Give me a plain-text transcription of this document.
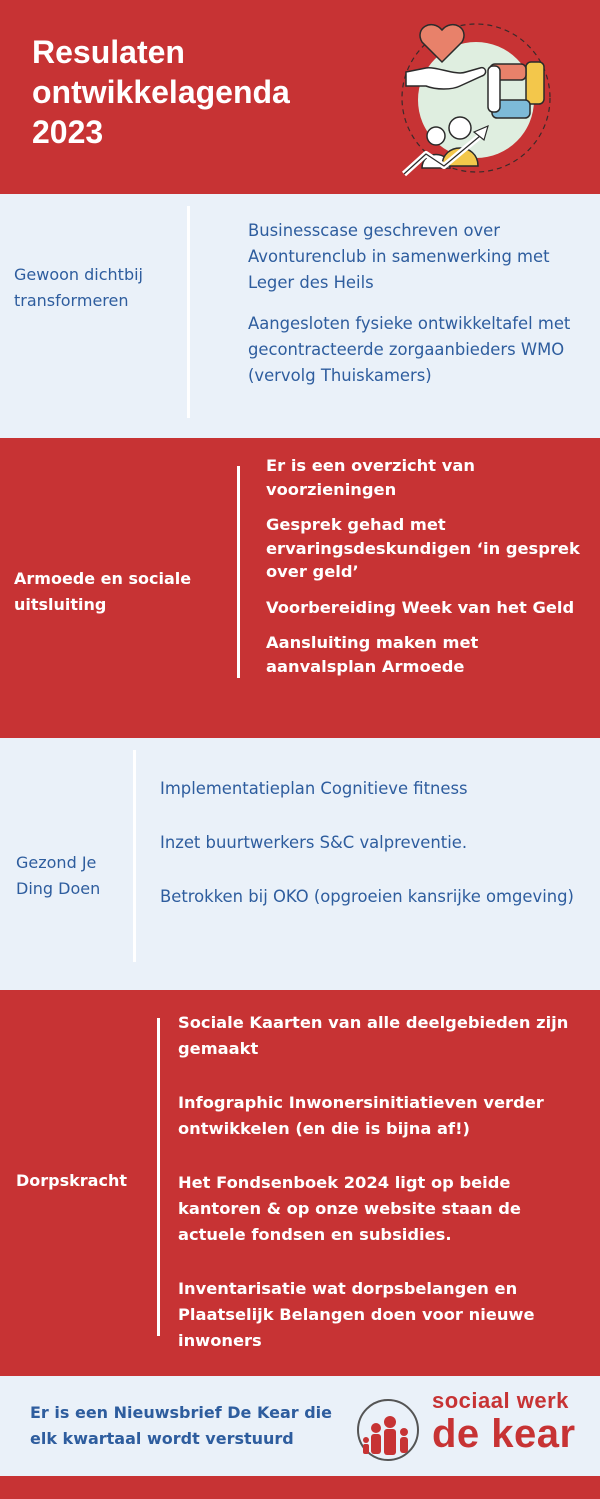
Resulaten
ontwikkelagenda
2023
Gewoon dichtbij transformeren
Businesscase geschreven over Avonturenclub in samenwerking met Leger des Heils
Aangesloten fysieke ontwikkeltafel met gecontracteerde zorgaanbieders WMO (vervolg Thuiskamers)
Armoede en sociale uitsluiting
Er is een overzicht van voorzieningen
Gesprek gehad met ervaringsdeskundigen ‘in gesprek over geld’
Voorbereiding Week van het Geld
Aansluiting maken met aanvalsplan Armoede
Gezond Je Ding Doen
Implementatieplan Cognitieve fitness
Inzet buurtwerkers S&C valpreventie.
Betrokken bij OKO (opgroeien kansrijke omgeving)
Dorpskracht
Sociale Kaarten van alle deelgebieden zijn gemaakt
Infographic Inwonersinitiatieven verder ontwikkelen (en die is bijna af!)
Het Fondsenboek 2024 ligt op beide kantoren & op onze website staan de actuele fondsen en subsidies.
Inventarisatie wat dorpsbelangen en Plaatselijk Belangen doen voor nieuwe inwoners
Er is een Nieuwsbrief De Kear die elk kwartaal wordt verstuurd
sociaal werk
de kear
